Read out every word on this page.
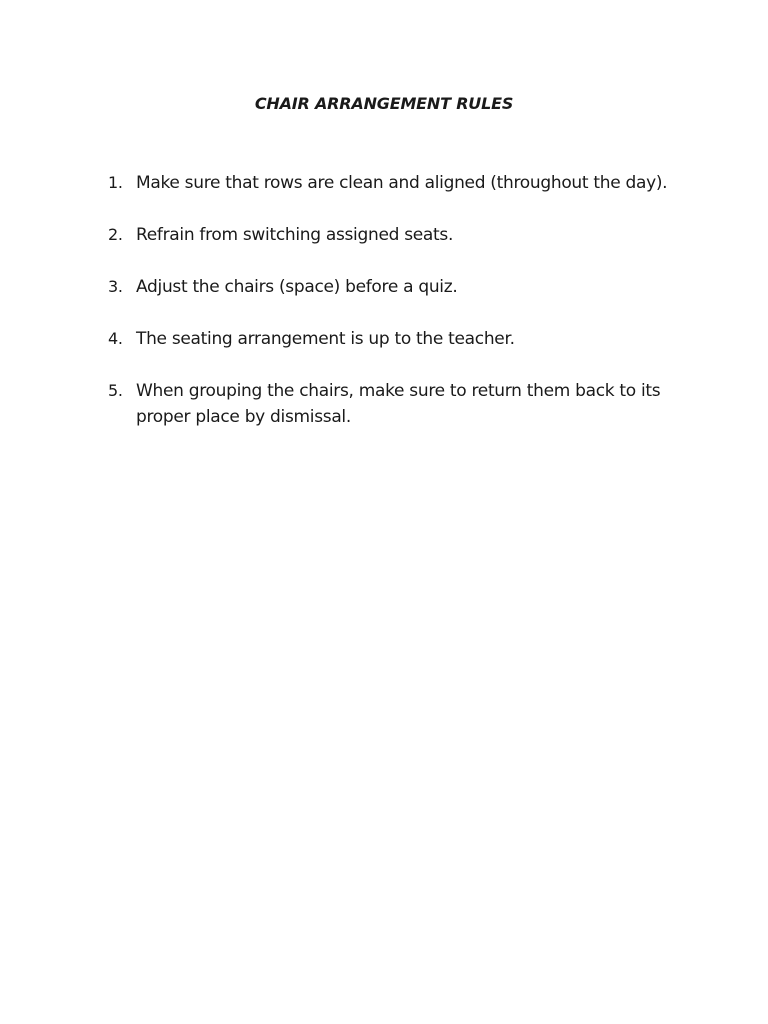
CHAIR ARRANGEMENT RULES
1. Make sure that rows are clean and aligned (throughout the day).
2. Refrain from switching assigned seats.
3. Adjust the chairs (space) before a quiz.
4. The seating arrangement is up to the teacher.
5. When grouping the chairs, make sure to return them back to its proper place by dismissal.
